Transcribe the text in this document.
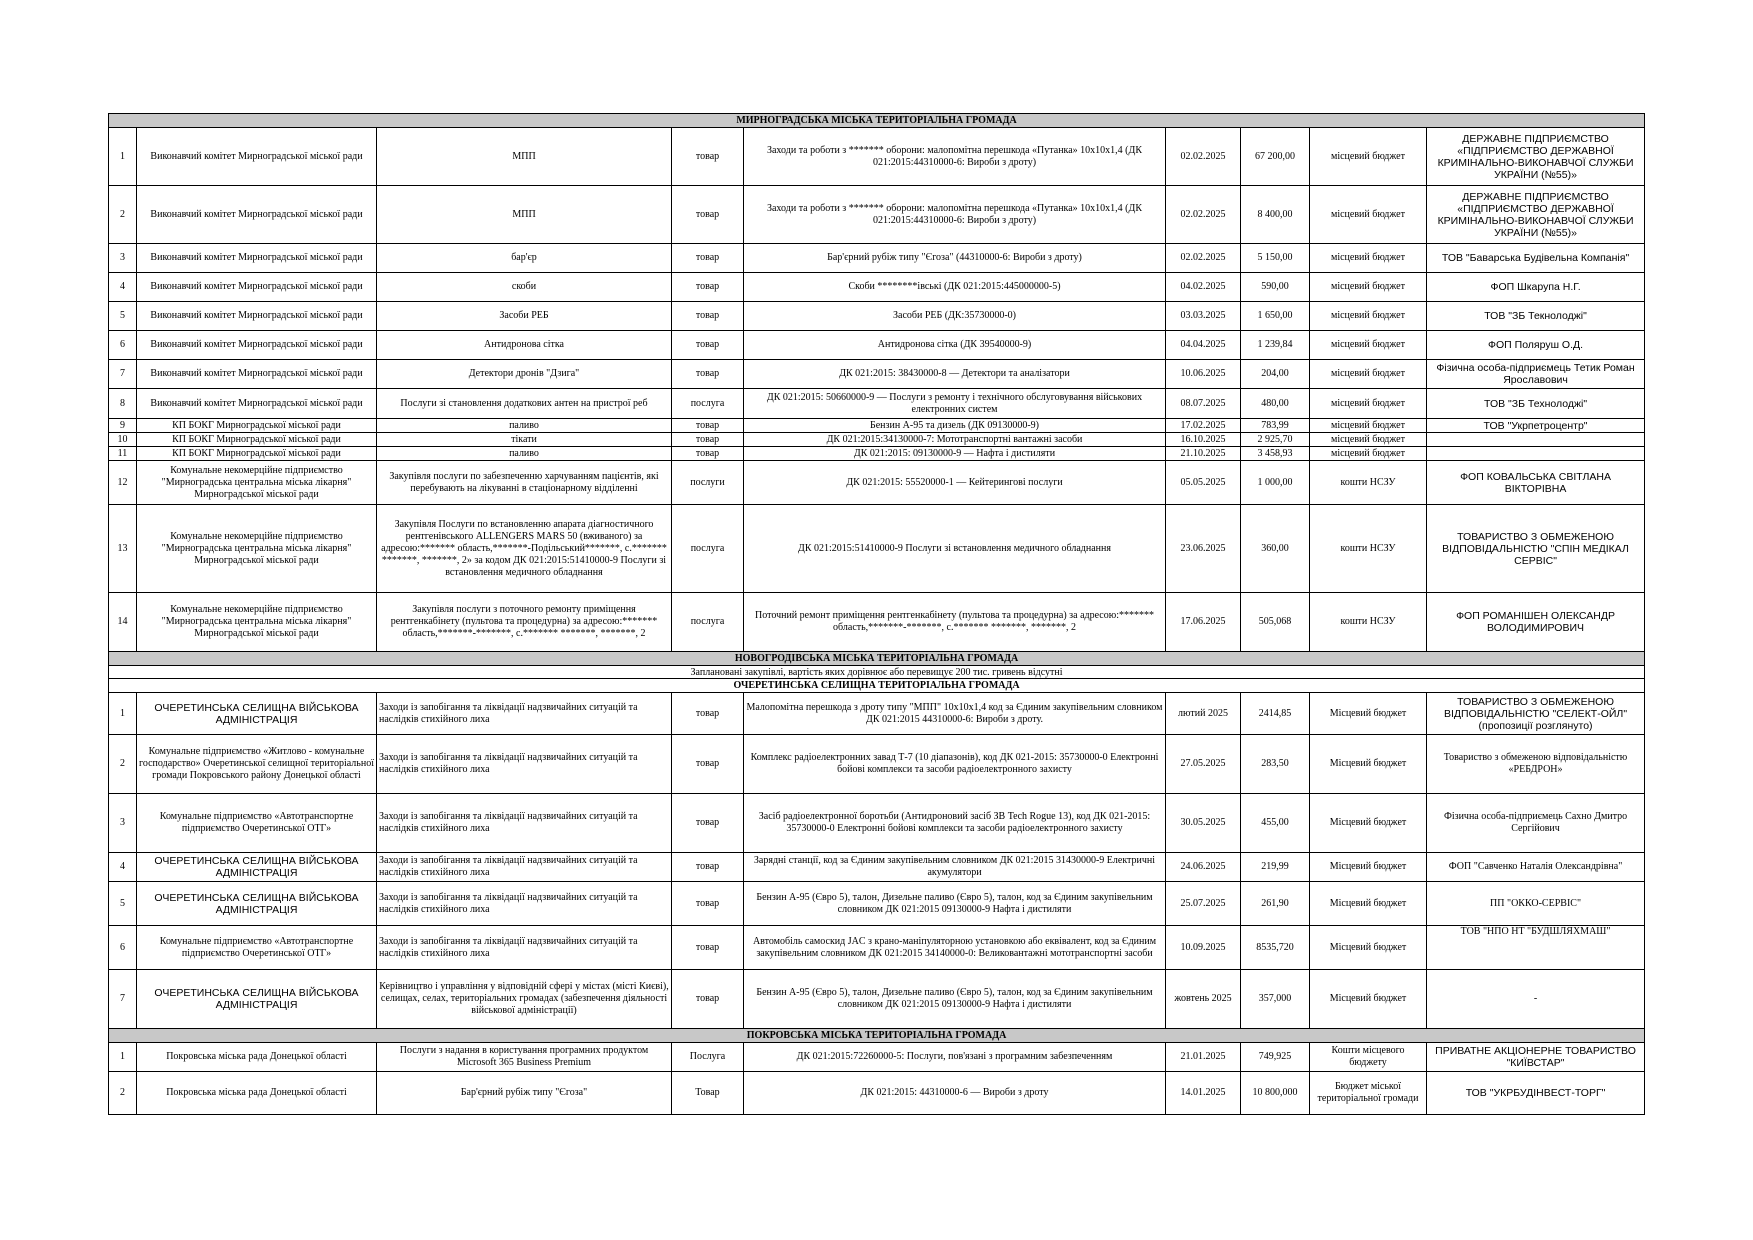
МИРНОГРАДСЬКА МІСЬКА ТЕРИТОРІАЛЬНА ГРОМАДА								
1	Виконавчий комітет Мирноградської міської ради	МПП	товар	Заходи та роботи з ******* оборони: малопомітна перешкода «Путанка» 10х10х1,4 (ДК 021:2015:44310000-6: Вироби з дроту)	02.02.2025	67 200,00	місцевий бюджет	ДЕРЖАВНЕ ПІДПРИЄМСТВО «ПІДПРИЄМСТВО ДЕРЖАВНОЇ КРИМІНАЛЬНО-ВИКОНАВЧОЇ СЛУЖБИ УКРАЇНИ (№55)»
2	Виконавчий комітет Мирноградської міської ради	МПП	товар	Заходи та роботи з ******* оборони: малопомітна перешкода «Путанка» 10х10х1,4 (ДК 021:2015:44310000-6: Вироби з дроту)	02.02.2025	8 400,00	місцевий бюджет	ДЕРЖАВНЕ ПІДПРИЄМСТВО «ПІДПРИЄМСТВО ДЕРЖАВНОЇ КРИМІНАЛЬНО-ВИКОНАВЧОЇ СЛУЖБИ УКРАЇНИ (№55)»
3	Виконавчий комітет Мирноградської міської ради	бар'єр	товар	Бар'єрний рубіж типу "Єгоза" (44310000-6: Вироби з дроту)	02.02.2025	5 150,00	місцевий бюджет	ТОВ "Баварська Будівельна Компанія"
4	Виконавчий комітет Мирноградської міської ради	скоби	товар	Скоби ********івські (ДК 021:2015:445000000-5)	04.02.2025	590,00	місцевий бюджет	ФОП Шкарупа Н.Г.
5	Виконавчий комітет Мирноградської міської ради	Засоби РЕБ	товар	Засоби РЕБ (ДК:35730000-0)	03.03.2025	1 650,00	місцевий бюджет	ТОВ "ЗБ Текнолоджі"
6	Виконавчий комітет Мирноградської міської ради	Антидронова сітка	товар	Антидронова сітка (ДК 39540000-9)	04.04.2025	1 239,84	місцевий бюджет	ФОП Поляруш О.Д.
7	Виконавчий комітет Мирноградської міської ради	Детектори дронів "Дзига"	товар	ДК 021:2015: 38430000-8 — Детектори та аналізатори	10.06.2025	204,00	місцевий бюджет	Фізична особа-підприємець Тетик Роман Ярославович
8	Виконавчий комітет Мирноградської міської ради	Послуги зі становлення додаткових антен на пристрої реб	послуга	ДК 021:2015: 50660000-9 — Послуги з ремонту і технічного обслуговування військових електронних систем	08.07.2025	480,00	місцевий бюджет	ТОВ "ЗБ Технолоджі"
9	КП БОКГ Мирноградської міської ради	паливо	товар	Бензин А-95 та дизель (ДК 09130000-9)	17.02.2025	783,99	місцевий бюджет	ТОВ "Укрпетроцентр"
10	КП БОКГ Мирноградської міської ради	тікати	товар	ДК 021:2015:34130000-7: Мототранспортні вантажні засоби	16.10.2025	2 925,70	місцевий бюджет	
11	КП БОКГ Мирноградської міської ради	паливо	товар	ДК 021:2015: 09130000-9 — Нафта і дистиляти	21.10.2025	3 458,93	місцевий бюджет	
12	Комунальне некомерційне підприємство "Мирноградська центральна міська лікарня" Мирноградської міської ради	Закупівля послуги по забезпеченню харчуванням пацієнтів, які перебувають на лікуванні в стаціонарному відділенні	послуги	ДК 021:2015: 55520000-1 — Кейтерингові послуги	05.05.2025	1 000,00	кошти НСЗУ	ФОП КОВАЛЬСЬКА СВІТЛАНА ВІКТОРІВНА
13	Комунальне некомерційне підприємство "Мирноградська центральна міська лікарня" Мирноградської міської ради	Закупівля Послуги по встановленню апарата діагностичного рентгенівського ALLENGERS MARS 50 (вживаного) за адресою:******* область,*******-Подільський*******, с.******* *******, *******, 2» за кодом ДК 021:2015:51410000-9 Послуги зі встановлення медичного обладнання	послуга	ДК 021:2015:51410000-9 Послуги зі встановлення медичного обладнання	23.06.2025	360,00	кошти НСЗУ	ТОВАРИСТВО З ОБМЕЖЕНОЮ ВІДПОВІДАЛЬНІСТЮ "СПІН МЕДІКАЛ СЕРВІС"
14	Комунальне некомерційне підприємство "Мирноградська центральна міська лікарня" Мирноградської міської ради	Закупівля послуги з поточного ремонту приміщення рентгенкабінету (пультова та процедурна) за адресою:******* область,*******-*******, с.******* *******, *******, 2	послуга	Поточний ремонт приміщення рентгенкабінету (пультова та процедурна) за адресою:******* область,*******-*******, с.******* *******, *******, 2	17.06.2025	505,068	кошти НСЗУ	ФОП РОМАНІШЕН ОЛЕКСАНДР ВОЛОДИМИРОВИЧ
НОВОГРОДІВСЬКА МІСЬКА ТЕРИТОРІАЛЬНА ГРОМАДА								
Заплановані закупівлі, вартість яких дорівнює або перевищує 200 тис. гривень відсутні								
ОЧЕРЕТИНСЬКА СЕЛИЩНА ТЕРИТОРІАЛЬНА ГРОМАДА								
1	ОЧЕРЕТИНСЬКА СЕЛИЩНА ВІЙСЬКОВА АДМІНІСТРАЦІЯ	Заходи із запобігання та ліквідації надзвичайних ситуацій та наслідків стихійного лиха	товар	Малопомітна перешкода з дроту типу "МПП" 10х10х1,4 код за Єдиним закупівельним словником ДК 021:2015 44310000-6: Вироби з дроту.	лютий 2025	2414,85	Місцевий бюджет	ТОВАРИСТВО З ОБМЕЖЕНОЮ ВІДПОВІДАЛЬНІСТЮ "СЕЛЕКТ-ОЙЛ" (пропозиції розглянуто)
2	Комунальне підприємство «Житлово - комунальне господарство» Очеретинської селищної територіальної громади Покровського району Донецької області	Заходи із запобігання та ліквідації надзвичайних ситуацій та наслідків стихійного лиха	товар	Комплекс радіоелектронних завад Т-7 (10 діапазонів), код ДК 021-2015: 35730000-0 Електронні бойові комплекси та засоби радіоелектронного захисту	27.05.2025	283,50	Місцевий бюджет	Товариство з обмеженою відповідальністю «РЕБДРОН»
3	Комунальне підприємство «Автотранспортне підприємство Очеретинської ОТГ»	Заходи із запобігання та ліквідації надзвичайних ситуацій та наслідків стихійного лиха	товар	Засіб радіоелектронної боротьби (Антидроновий засіб ЗВ Tech Rogue 13), код ДК 021-2015: 35730000-0 Електронні бойові комплекси та засоби радіоелектронного захисту	30.05.2025	455,00	Місцевий бюджет	Фізична особа-підприємець Сахно Дмитро Сергійович
4	ОЧЕРЕТИНСЬКА СЕЛИЩНА ВІЙСЬКОВА АДМІНІСТРАЦІЯ	Заходи із запобігання та ліквідації надзвичайних ситуацій та наслідків стихійного лиха	товар	Зарядні станції, код за Єдиним закупівельним словником ДК 021:2015 31430000-9 Електричні акумулятори	24.06.2025	219,99	Місцевий бюджет	ФОП "Савченко Наталія Олександрівна"
5	ОЧЕРЕТИНСЬКА СЕЛИЩНА ВІЙСЬКОВА АДМІНІСТРАЦІЯ	Заходи із запобігання та ліквідації надзвичайних ситуацій та наслідків стихійного лиха	товар	Бензин А-95 (Євро 5), талон, Дизельне паливо (Євро 5), талон, код за Єдиним закупівельним словником ДК 021:2015 09130000-9 Нафта і дистиляти	25.07.2025	261,90	Місцевий бюджет	ПП "ОККО-СЕРВІС"
6	Комунальне підприємство «Автотранспортне підприємство Очеретинської ОТГ»	Заходи із запобігання та ліквідації надзвичайних ситуацій та наслідків стихійного лиха	товар	Автомобіль самоскид JAC з крано-маніпуляторною установкою або еквівалент, код за Єдиним закупівельним словником ДК 021:2015 34140000-0: Великовантажні мототранспортні засоби	10.09.2025	8535,720	Місцевий бюджет	ТОВ "НПО НТ "БУДШЛЯХМАШ"
7	ОЧЕРЕТИНСЬКА СЕЛИЩНА ВІЙСЬКОВА АДМІНІСТРАЦІЯ	Керівництво і управління у відповідній сфері у містах (місті Києві), селищах, селах, територіальних громадах (забезпечення діяльності військової адміністрації)	товар	Бензин А-95 (Євро 5), талон, Дизельне паливо (Євро 5), талон, код за Єдиним закупівельним словником ДК 021:2015 09130000-9 Нафта і дистиляти	жовтень 2025	357,000	Місцевий бюджет	-
ПОКРОВСЬКА МІСЬКА ТЕРИТОРІАЛЬНА ГРОМАДА								
1	Покровська міська рада Донецької області	Послуги з надання в користування програмних продуктом Microsoft 365 Business Premium	Послуга	ДК 021:2015:72260000-5: Послуги, пов'язані з програмним забезпеченням	21.01.2025	749,925	Кошти місцевого бюджету	ПРИВАТНЕ АКЦІОНЕРНЕ ТОВАРИСТВО "КИЇВСТАР"
2	Покровська міська рада Донецької області	Бар'єрний рубіж типу "Єгоза"	Товар	ДК 021:2015: 44310000-6 — Вироби з дроту	14.01.2025	10 800,000	Бюджет міської територіальної громади	ТОВ "УКРБУДІНВЕСТ-ТОРГ"
